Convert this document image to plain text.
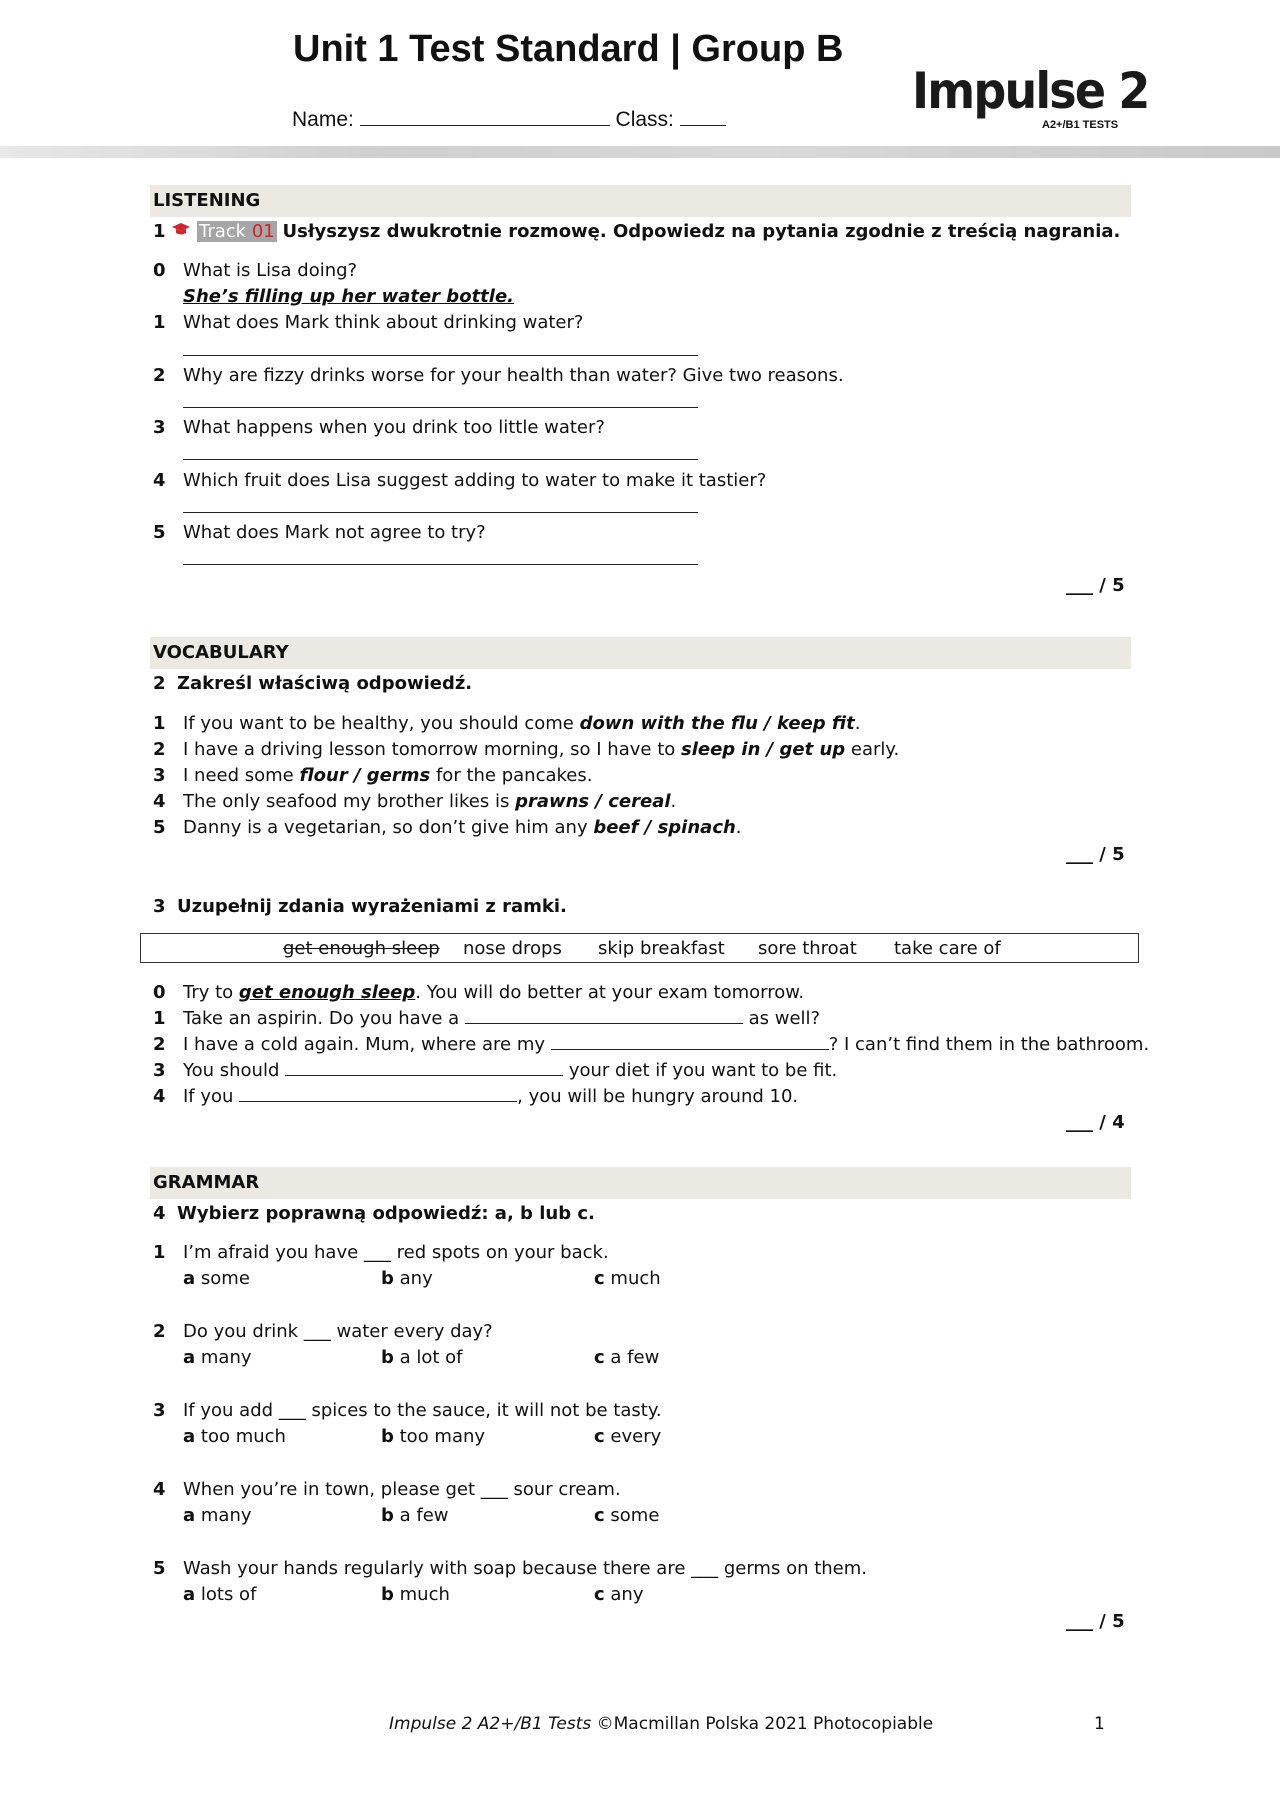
Unit 1 Test Standard | Group B
Name:	Class:	Impulse 2
A2+/B1 TESTS
LISTENING
1 Track 01 Usłyszysz dwukrotnie rozmowę. Odpowiedz na pytania zgodnie z treścią nagrania.
0 What is Lisa doing?
She’s filling up her water bottle.
1 What does Mark think about drinking water?
2 Why are fizzy drinks worse for your health than water? Give two reasons.
3 What happens when you drink too little water?
4 Which fruit does Lisa suggest adding to water to make it tastier?
5 What does Mark not agree to try?
___ / 5
VOCABULARY
2 Zakreśl właściwą odpowiedź.
1 If you want to be healthy, you should come down with the flu / keep fit.
2 I have a driving lesson tomorrow morning, so I have to sleep in / get up early.
3 I need some flour / germs for the pancakes.
4 The only seafood my brother likes is prawns / cereal.
5 Danny is a vegetarian, so don’t give him any beef / spinach.
___ / 5
3 Uzupełnij zdania wyrażeniami z ramki.
get enough sleep nose drops skip breakfast sore throat take care of
0 Try to get enough sleep. You will do better at your exam tomorrow.
1 Take an aspirin. Do you have a	as well?
2 I have a cold again. Mum, where are my	? I can’t find them in the bathroom.
3 You should	your diet if you want to be fit.
4 If you	, you will be hungry around 10.
___ / 4
GRAMMAR
4 Wybierz poprawną odpowiedź: a, b lub c.
1 I’m afraid you have ___ red spots on your back.
a some	b any	c much
2 Do you drink ___ water every day?
a many	b a lot of	c a few
3 If you add ___ spices to the sauce, it will not be tasty.
a too much	b too many	c every
4 When you’re in town, please get ___ sour cream.
a many	b a few	c some
5 Wash your hands regularly with soap because there are ___ germs on them.
a lots of	b much	c any
___ / 5
Impulse 2 A2+/B1 Tests ©Macmillan Polska 2021 Photocopiable	1
